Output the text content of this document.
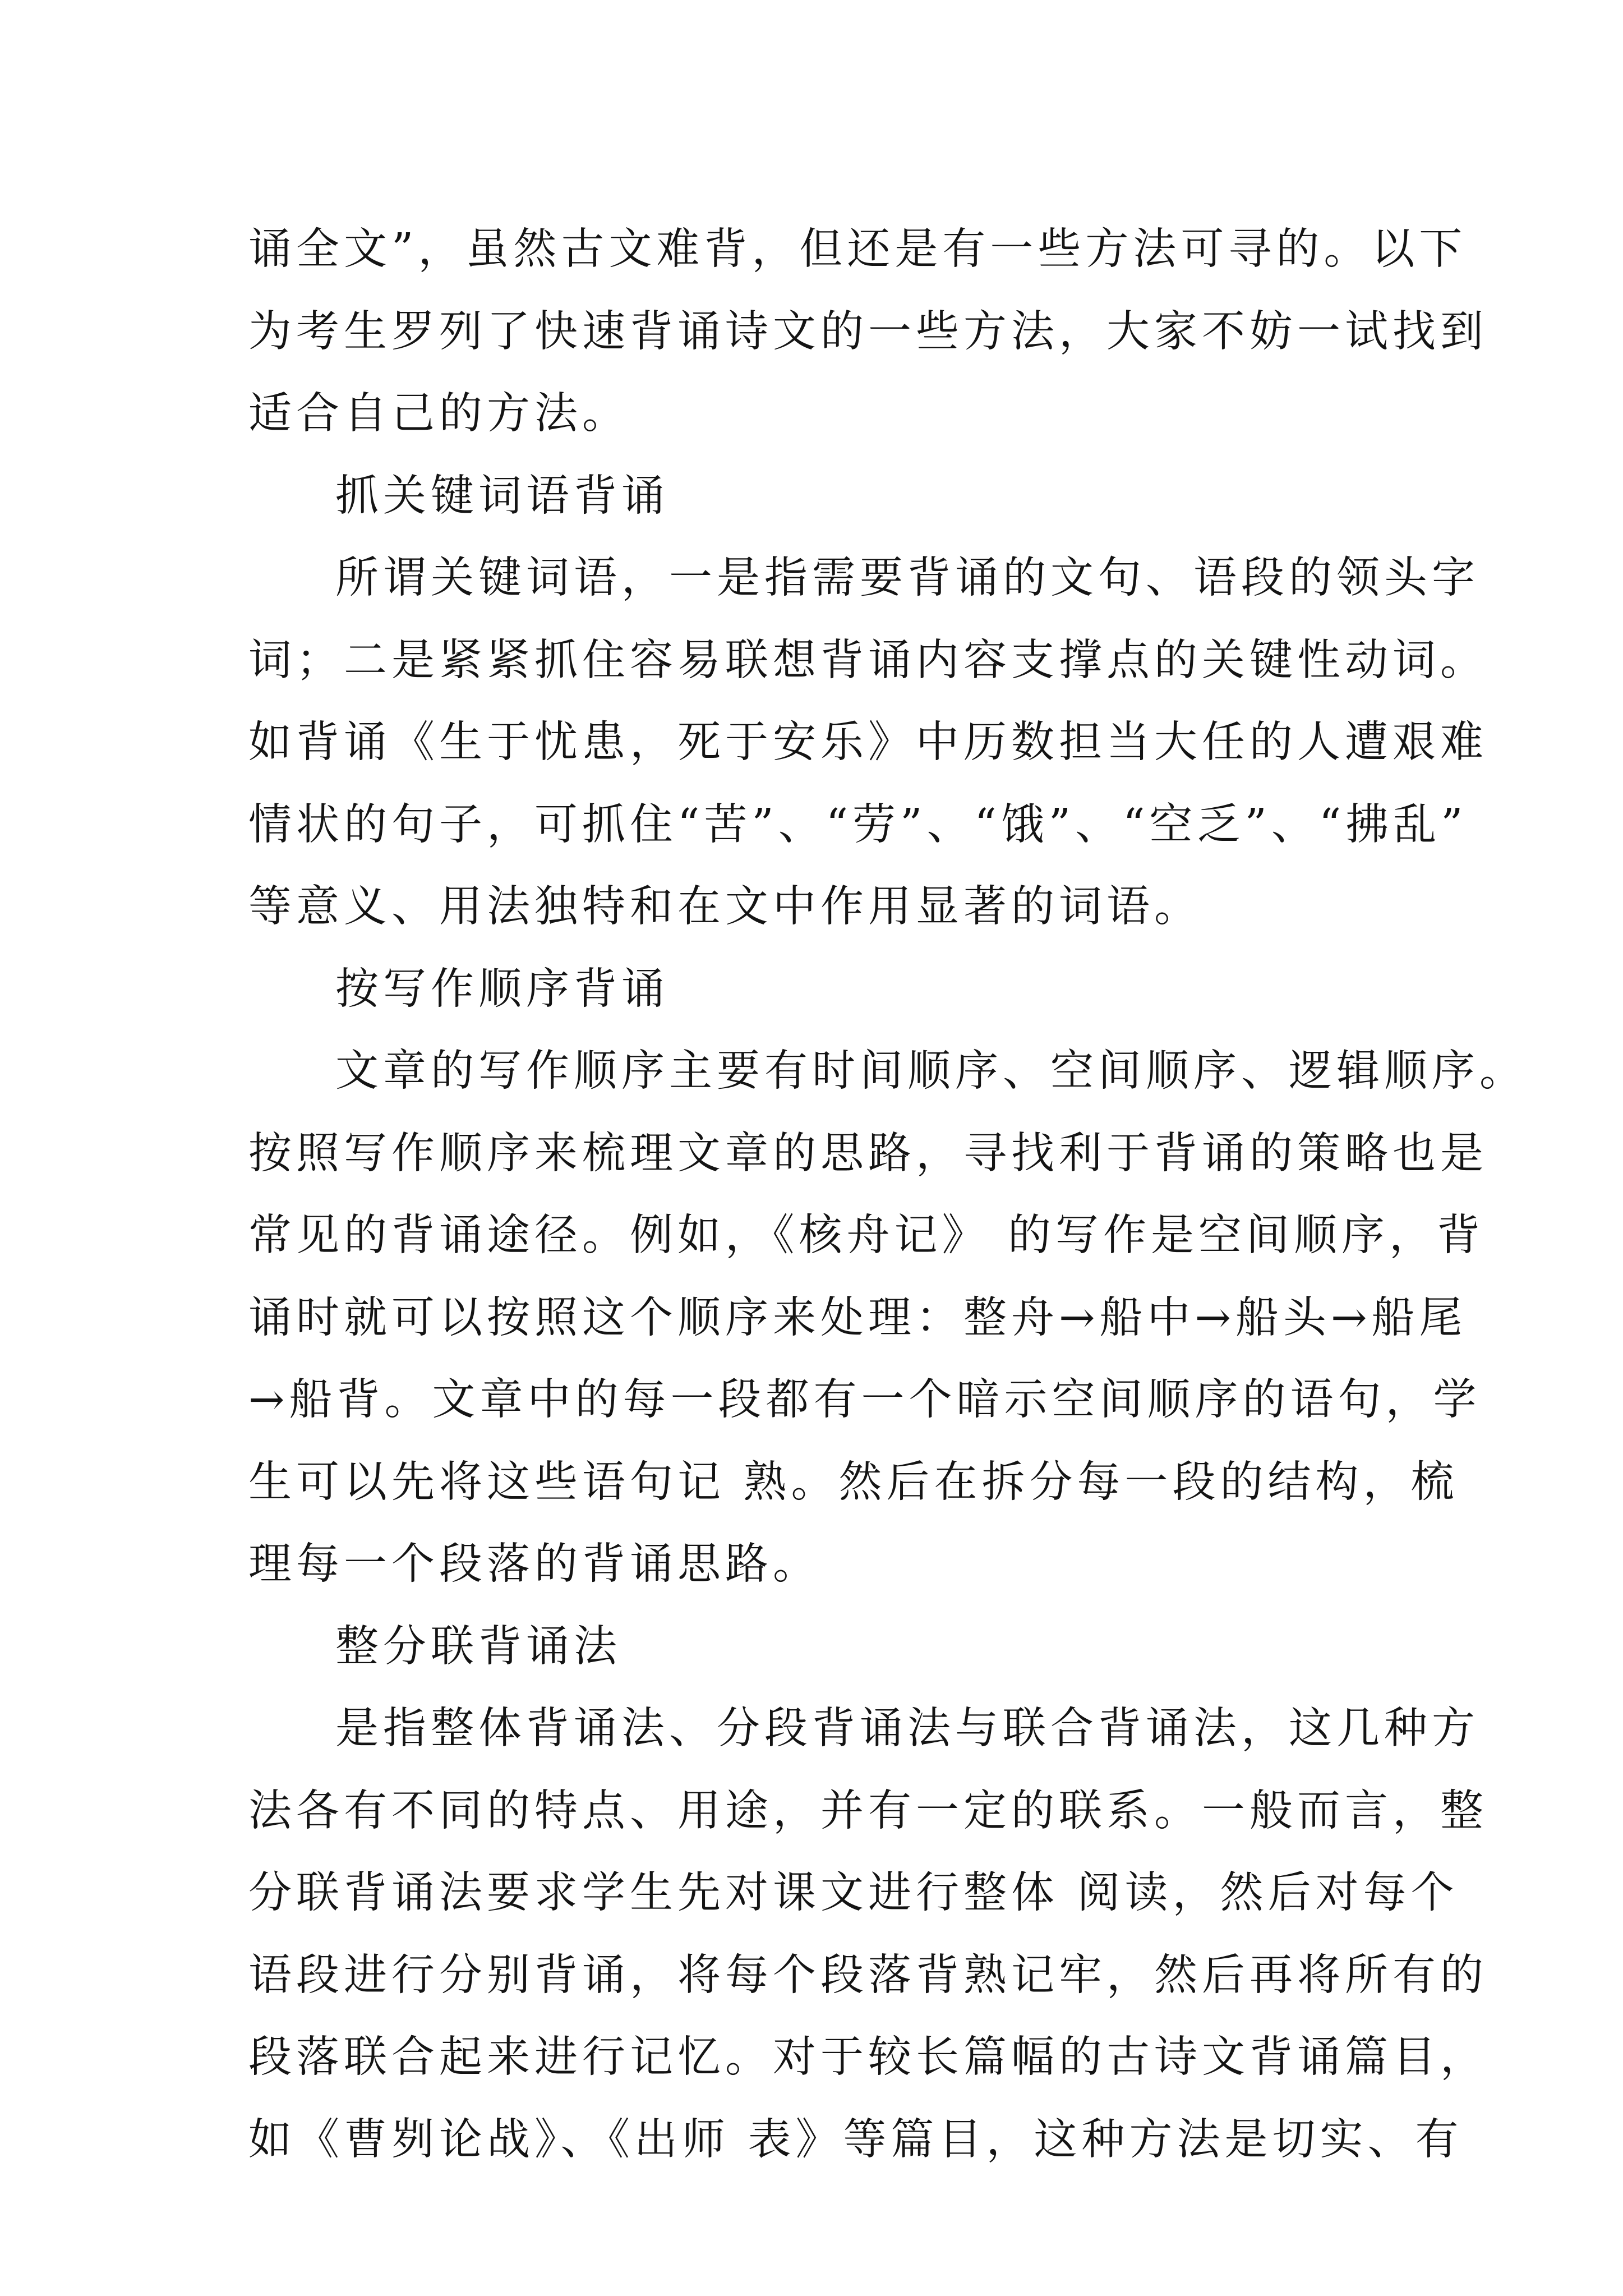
诵全文”，虽然古文难背，但还是有一些方法可寻的。以下
为考生罗列了快速背诵诗文的一些方法，大家不妨一试找到
适合自己的方法。
抓关键词语背诵
所谓关键词语，一是指需要背诵的文句、语段的领头字
词；二是紧紧抓住容易联想背诵内容支撑点的关键性动词。
如背诵《生于忧患，死于安乐》中历数担当大任的人遭艰难
情状的句子，可抓住“苦”、“劳”、“饿”、“空乏”、“拂乱”
等意义、用法独特和在文中作用显著的词语。
按写作顺序背诵
文章的写作顺序主要有时间顺序、空间顺序、逻辑顺序。
按照写作顺序来梳理文章的思路，寻找利于背诵的策略也是
常见的背诵途径。例如，《核舟记》 的写作是空间顺序，背
诵时就可以按照这个顺序来处理：整舟→船中→船头→船尾
→船背。文章中的每一段都有一个暗示空间顺序的语句，学
生可以先将这些语句记 熟。然后在拆分每一段的结构，梳
理每一个段落的背诵思路。
整分联背诵法
是指整体背诵法、分段背诵法与联合背诵法，这几种方
法各有不同的特点、用途，并有一定的联系。一般而言，整
分联背诵法要求学生先对课文进行整体 阅读，然后对每个
语段进行分别背诵，将每个段落背熟记牢，然后再将所有的
段落联合起来进行记忆。对于较长篇幅的古诗文背诵篇目，
如《曹刿论战》、《出师 表》等篇目，这种方法是切实、有
